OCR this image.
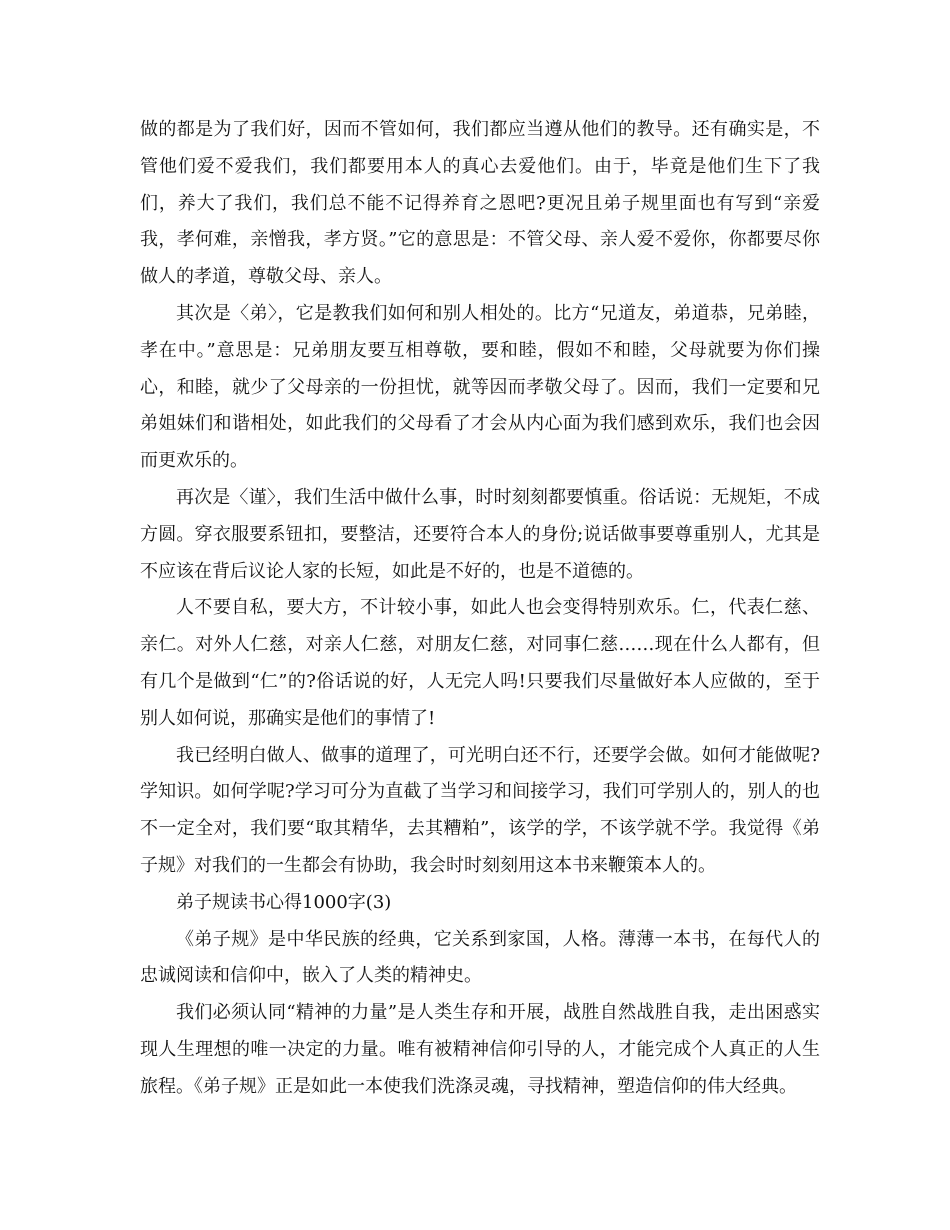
做的都是为了我们好，因而不管如何，我们都应当遵从他们的教导。还有确实是，不管他们爱不爱我们，我们都要用本人的真心去爱他们。由于，毕竟是他们生下了我们，养大了我们，我们总不能不记得养育之恩吧?更况且弟子规里面也有写到“亲爱我，孝何难，亲憎我，孝方贤。”它的意思是：不管父母、亲人爱不爱你，你都要尽你做人的孝道，尊敬父母、亲人。

其次是〈弟〉，它是教我们如何和别人相处的。比方“兄道友，弟道恭，兄弟睦，孝在中。”意思是：兄弟朋友要互相尊敬，要和睦，假如不和睦，父母就要为你们操心，和睦，就少了父母亲的一份担忧，就等因而孝敬父母了。因而，我们一定要和兄弟姐妹们和谐相处，如此我们的父母看了才会从内心面为我们感到欢乐，我们也会因而更欢乐的。

再次是〈谨〉，我们生活中做什么事，时时刻刻都要慎重。俗话说：无规矩，不成方圆。穿衣服要系钮扣，要整洁，还要符合本人的身份;说话做事要尊重别人，尤其是不应该在背后议论人家的长短，如此是不好的，也是不道德的。

人不要自私，要大方，不计较小事，如此人也会变得特别欢乐。仁，代表仁慈、亲仁。对外人仁慈，对亲人仁慈，对朋友仁慈，对同事仁慈……现在什么人都有，但有几个是做到“仁”的?俗话说的好，人无完人吗!只要我们尽量做好本人应做的，至于别人如何说，那确实是他们的事情了!

我已经明白做人、做事的道理了，可光明白还不行，还要学会做。如何才能做呢?学知识。如何学呢?学习可分为直截了当学习和间接学习，我们可学别人的，别人的也不一定全对，我们要“取其精华，去其糟粕”，该学的学，不该学就不学。我觉得《弟子规》对我们的一生都会有协助，我会时时刻刻用这本书来鞭策本人的。

弟子规读书心得1000字(3)

《弟子规》是中华民族的经典，它关系到家国，人格。薄薄一本书，在每代人的忠诚阅读和信仰中，嵌入了人类的精神史。

我们必须认同“精神的力量”是人类生存和开展，战胜自然战胜自我，走出困惑实现人生理想的唯一决定的力量。唯有被精神信仰引导的人，才能完成个人真正的人生旅程。《弟子规》正是如此一本使我们洗涤灵魂，寻找精神，塑造信仰的伟大经典。
